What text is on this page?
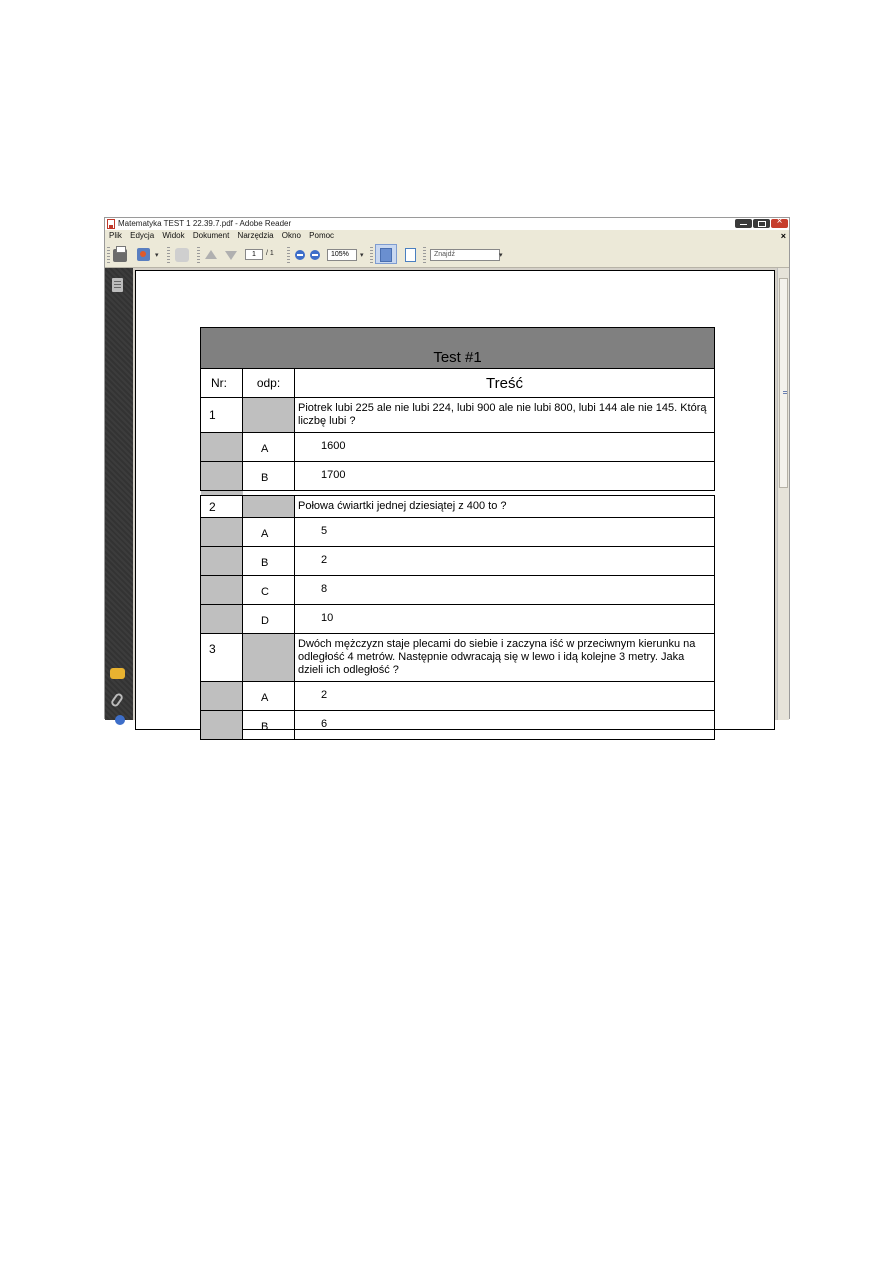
Matematyka TEST 1 22.39.7.pdf - Adobe Reader
×
Plik Edycja Widok Dokument Narzędzia Okno Pomoc	×
▾	1	/ 1	105%	▾	Znajdź	▾
Test #1		
Nr:	odp:	Treść
1		Piotrek lubi 225 ale nie lubi 224, lubi 900 ale nie lubi 800, lubi 144 ale nie 145. Którą liczbę lubi ?
	A	1600
	B	1700

2		Połowa ćwiartki jednej dziesiątej z 400 to ?
	A	5
	B	2
	C	8
	D	10
3		Dwóch mężczyzn staje plecami do siebie i zaczyna iść w przeciwnym kierunku na odległość 4 metrów. Następnie odwracają się w lewo i idą kolejne 3 metry. Jaka dzieli ich odległość ?
	A	2
	B	6
